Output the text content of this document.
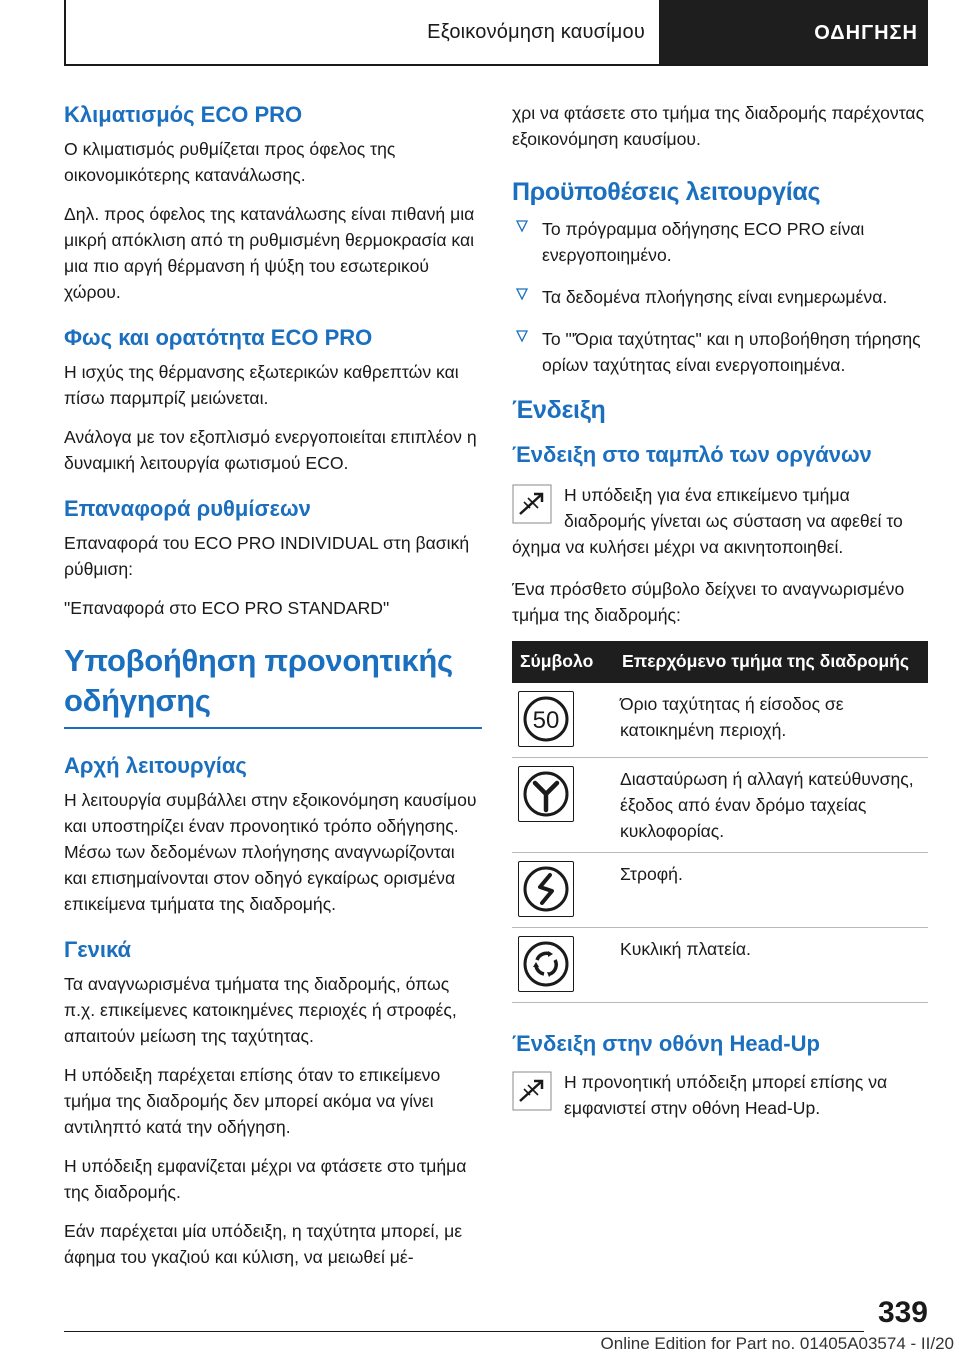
Εξοικονόμηση καυσίμου	ΟΔΗΓΗΣΗ
Κλιματισμός ECO PRO

Ο κλιματισμός ρυθμίζεται προς όφελος της οικονομικότερης κατανάλωσης.

Δηλ. προς όφελος της κατανάλωσης είναι πιθανή μια μικρή απόκλιση από τη ρυθμισμένη θερμοκρασία και μια πιο αργή θέρμανση ή ψύξη του εσωτερικού χώρου.

Φως και ορατότητα ECO PRO

Η ισχύς της θέρμανσης εξωτερικών καθρεπτών και πίσω παρμπρίζ μειώνεται.

Ανάλογα με τον εξοπλισμό ενεργοποιείται επιπλέον η δυναμική λειτουργία φωτισμού ECO.

Επαναφορά ρυθμίσεων

Επαναφορά του ECO PRO INDIVIDUAL στη βασική ρύθμιση:

"Επαναφορά στο ECO PRO STANDARD"

Υποβοήθηση προνοητικής
οδήγησης
Αρχή λειτουργίας

Η λειτουργία συμβάλλει στην εξοικονόμηση καυσίμου και υποστηρίζει έναν προνοητικό τρόπο οδήγησης. Μέσω των δεδομένων πλοήγησης αναγνωρίζονται και επισημαίνονται στον οδηγό εγκαίρως ορισμένα επικείμενα τμήματα της διαδρομής.

Γενικά

Τα αναγνωρισμένα τμήματα της διαδρομής, όπως π.χ. επικείμενες κατοικημένες περιοχές ή στροφές, απαιτούν μείωση της ταχύτητας.

Η υπόδειξη παρέχεται επίσης όταν το επικείμενο τμήμα της διαδρομής δεν μπορεί ακόμα να γίνει αντιληπτό κατά την οδήγηση.

Η υπόδειξη εμφανίζεται μέχρι να φτάσετε στο τμήμα της διαδρομής.

Εάν παρέχεται μία υπόδειξη, η ταχύτητα μπορεί, με άφημα του γκαζιού και κύλιση, να μειωθεί μέ-

χρι να φτάσετε στο τμήμα της διαδρομής παρέχοντας εξοικονόμηση καυσίμου.

Προϋποθέσεις λειτουργίας
Το πρόγραμμα οδήγησης ECO PRO είναι ενεργοποιημένο.
Τα δεδομένα πλοήγησης είναι ενημερωμένα.
Το "'Όρια ταχύτητας" και η υποβοήθηση τήρησης ορίων ταχύτητας είναι ενεργοποιημένα.
Ένδειξη
Ένδειξη στο ταμπλό των οργάνων
Η υπόδειξη για ένα επικείμενο τμήμα διαδρομής γίνεται ως σύσταση να αφεθεί το όχημα να κυλήσει μέχρι να ακινητοποιηθεί.

Ένα πρόσθετο σύμβολο δείχνει το αναγνωρισμένο τμήμα της διαδρομής:

Σύμβολο	Επερχόμενο τμήμα της διαδρομής

50	Όριο ταχύτητας ή είσοδος σε κατοικημένη περιοχή.

	Διασταύρωση ή αλλαγή κατεύθυνσης, έξοδος από έναν δρόμο ταχείας κυκλοφορίας.

	Στροφή.

	Κυκλική πλατεία.
Ένδειξη στην οθόνη Head-Up
Η προνοητική υπόδειξη μπορεί επίσης να εμφανιστεί στην οθόνη Head-Up.
339
Online Edition for Part no. 01405A03574 - II/20
